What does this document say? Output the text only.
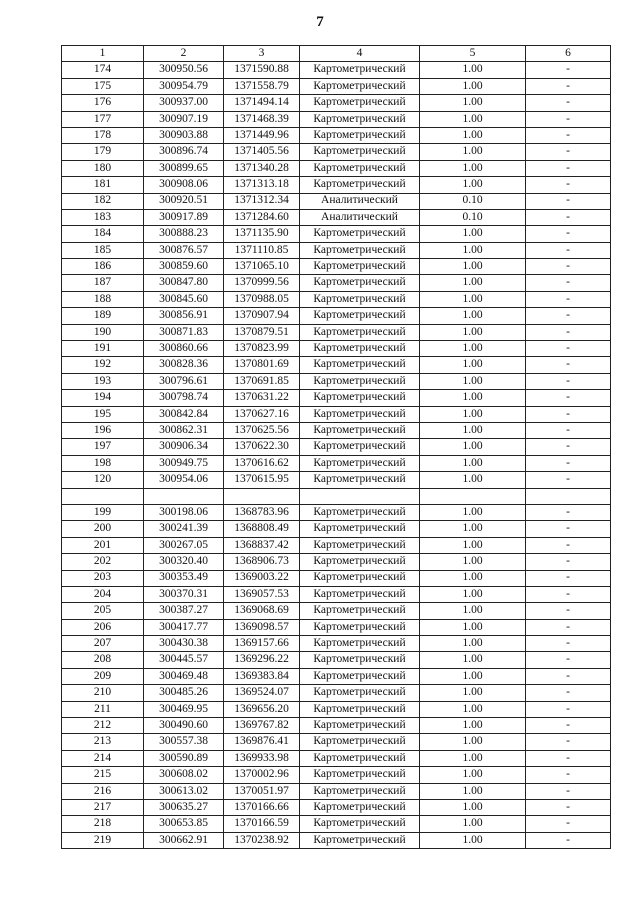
7
1	2	3	4	5	6
174	300950.56	1371590.88	Картометрический	1.00	-
175	300954.79	1371558.79	Картометрический	1.00	-
176	300937.00	1371494.14	Картометрический	1.00	-
177	300907.19	1371468.39	Картометрический	1.00	-
178	300903.88	1371449.96	Картометрический	1.00	-
179	300896.74	1371405.56	Картометрический	1.00	-
180	300899.65	1371340.28	Картометрический	1.00	-
181	300908.06	1371313.18	Картометрический	1.00	-
182	300920.51	1371312.34	Аналитический	0.10	-
183	300917.89	1371284.60	Аналитический	0.10	-
184	300888.23	1371135.90	Картометрический	1.00	-
185	300876.57	1371110.85	Картометрический	1.00	-
186	300859.60	1371065.10	Картометрический	1.00	-
187	300847.80	1370999.56	Картометрический	1.00	-
188	300845.60	1370988.05	Картометрический	1.00	-
189	300856.91	1370907.94	Картометрический	1.00	-
190	300871.83	1370879.51	Картометрический	1.00	-
191	300860.66	1370823.99	Картометрический	1.00	-
192	300828.36	1370801.69	Картометрический	1.00	-
193	300796.61	1370691.85	Картометрический	1.00	-
194	300798.74	1370631.22	Картометрический	1.00	-
195	300842.84	1370627.16	Картометрический	1.00	-
196	300862.31	1370625.56	Картометрический	1.00	-
197	300906.34	1370622.30	Картометрический	1.00	-
198	300949.75	1370616.62	Картометрический	1.00	-
120	300954.06	1370615.95	Картометрический	1.00	-

199	300198.06	1368783.96	Картометрический	1.00	-
200	300241.39	1368808.49	Картометрический	1.00	-
201	300267.05	1368837.42	Картометрический	1.00	-
202	300320.40	1368906.73	Картометрический	1.00	-
203	300353.49	1369003.22	Картометрический	1.00	-
204	300370.31	1369057.53	Картометрический	1.00	-
205	300387.27	1369068.69	Картометрический	1.00	-
206	300417.77	1369098.57	Картометрический	1.00	-
207	300430.38	1369157.66	Картометрический	1.00	-
208	300445.57	1369296.22	Картометрический	1.00	-
209	300469.48	1369383.84	Картометрический	1.00	-
210	300485.26	1369524.07	Картометрический	1.00	-
211	300469.95	1369656.20	Картометрический	1.00	-
212	300490.60	1369767.82	Картометрический	1.00	-
213	300557.38	1369876.41	Картометрический	1.00	-
214	300590.89	1369933.98	Картометрический	1.00	-
215	300608.02	1370002.96	Картометрический	1.00	-
216	300613.02	1370051.97	Картометрический	1.00	-
217	300635.27	1370166.66	Картометрический	1.00	-
218	300653.85	1370166.59	Картометрический	1.00	-
219	300662.91	1370238.92	Картометрический	1.00	-
